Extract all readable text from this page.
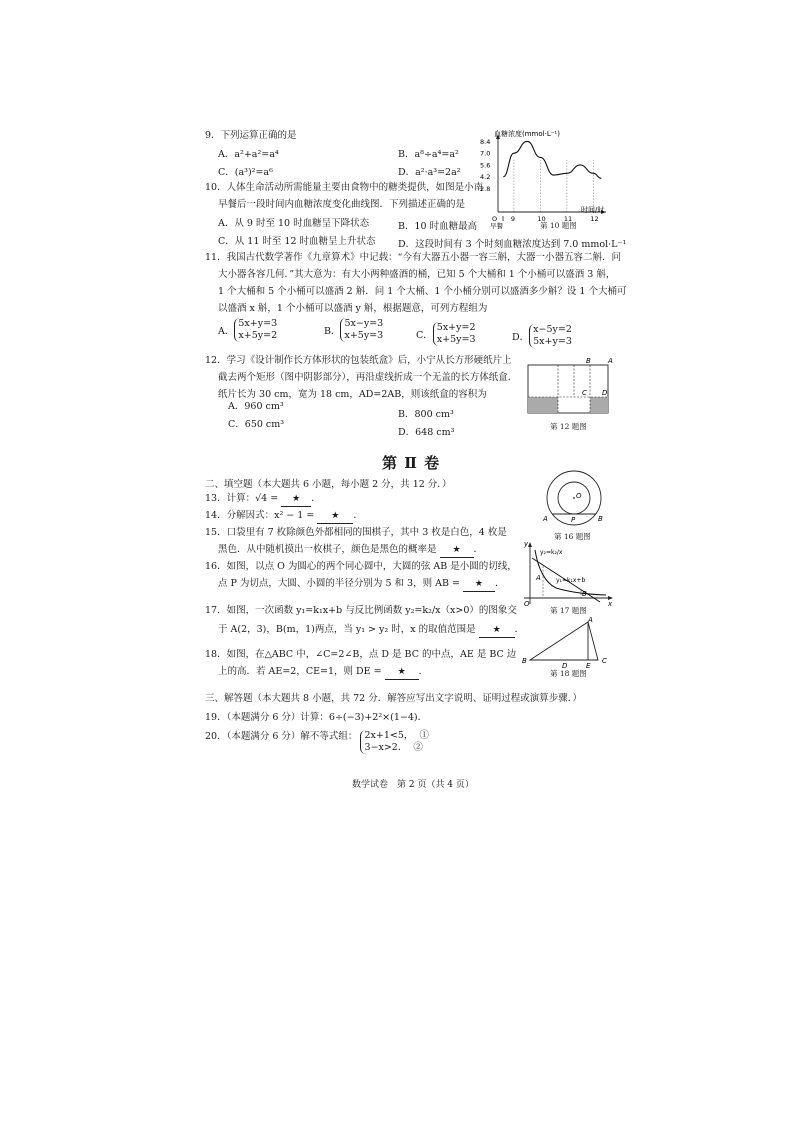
9．下列运算正确的是
A．a²+a²=a⁴	B．a⁸÷a⁴=a²
C．(a³)²=a⁶	D．a²·a³=2a²
10．人体生命活动所需能量主要由食物中的糖类提供，如图是小南
早餐后一段时间内血糖浓度变化曲线图．下列描述正确的是
A．从 9 时至 10 时血糖呈下降状态	B．10 时血糖最高
C．从 11 时至 12 时血糖呈上升状态 D．这段时间有 3 个时刻血糖浓度达到 7.0 mmol·L⁻¹
血糖浓度(mmol·L⁻¹)
时间/时
8.4
7.0
5.6
4.2
2.8
O 9	10	11	12
早餐	第 10 题图
11．我国古代数学著作《九章算术》中记载：“今有大器五小器一容三斛，大器一小器五容二斛．问
大小器各容几何．”其大意为：有大小两种盛酒的桶，已知 5 个大桶和 1 个小桶可以盛酒 3 斛，
1 个大桶和 5 个小桶可以盛酒 2 斛．问 1 个大桶、1 个小桶分别可以盛酒多少斛？设 1 个大桶可
以盛酒 x 斛，1 个小桶可以盛酒 y 斛，根据题意，可列方程组为
A．
5x+y=3
x+5y=2	B．
5x−y=3
x+5y=3	C．
5x+y=2
x+5y=3	D．
x−5y=2
5x+y=3
12．学习《设计制作长方体形状的包装纸盒》后，小宁从长方形硬纸片上
截去两个矩形（图中阴影部分），再沿虚线折成一个无盖的长方体纸盒．
纸片长为 30 cm，宽为 18 cm，AD=2AB，则该纸盒的容积为
A．960 cm³
B．800 cm³
C．650 cm³
D．648 cm³
B A
C D
第 12 题图
第 Ⅱ 卷
二、填空题（本大题共 6 小题，每小题 2 分，共 12 分．）
13．计算：√4 = ★ ．
14．分解因式：x² − 1 = ★ ．
15．口袋里有 7 枚除颜色外都相同的围棋子，其中 3 枚是白色，4 枚是
黑色．从中随机摸出一枚棋子，颜色是黑色的概率是 ★ ．
16．如图，以点 O 为圆心的两个同心圆中，大圆的弦 AB 是小圆的切线，
点 P 为切点，大圆、小圆的半径分别为 5 和 3，则 AB = ★ ．
17．如图，一次函数 y₁=k₁x+b 与反比例函数 y₂=k₂/x（x>0）的图象交
于 A(2，3)，B(m，1)两点，当 y₁ > y₂ 时，x 的取值范围是 ★ ．
18．如图，在△ABC 中，∠C=2∠B，点 D 是 BC 的中点，AE 是 BC 边
上的高．若 AE=2，CE=1，则 DE = ★ ．
O
A	P	B
第 16 题图
y
x
O
A
B
y₂=k₂/x
y₁=k₁x+b
第 17 题图
A
B	C
D	E
第 18 题图
三、解答题（本大题共 8 小题，共 72 分．解答应写出文字说明、证明过程或演算步骤．）
19．（本题满分 6 分）计算：6÷(−3)+2²×(1−4)．
20．（本题满分 6 分）解不等式组： 2x+1<5， ①
3−x>2． ②
数学试卷　第 2 页（共 4 页）
